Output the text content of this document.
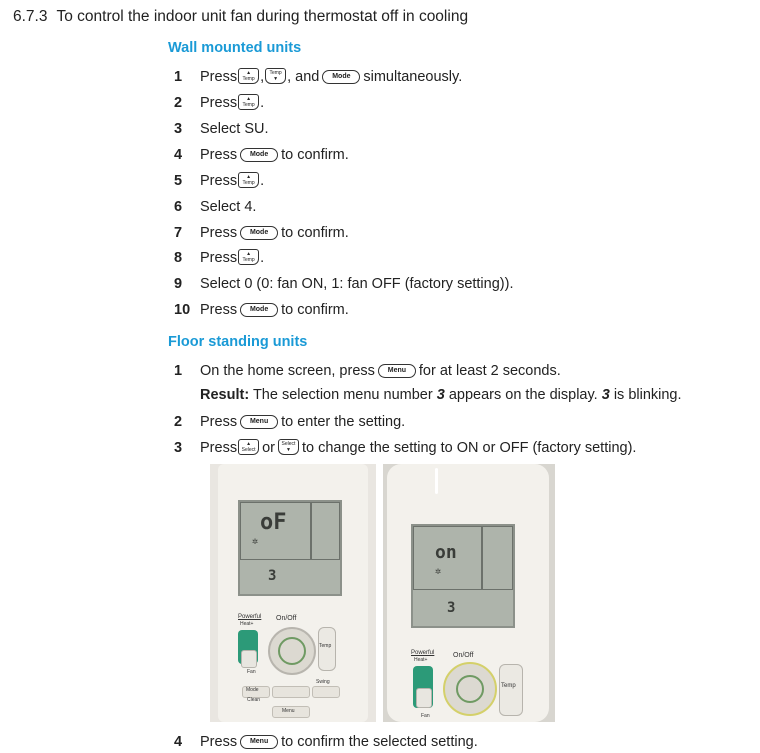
6.7.3 To control the indoor unit fan during thermostat off in cooling
Wall mounted units
1	Press	▲
Temp , Temp
▼ , and	Mode simultaneously.
2	Press	▲
Temp .
3	Select SU.
4	Press	Mode to confirm.
5	Press	▲
Temp .
6	Select 4.
7	Press	Mode to confirm.
8	Press	▲
Temp .
9	Select 0 (0: fan ON, 1: fan OFF (factory setting)).
10 Press	Mode to confirm.
Floor standing units
1	On the home screen, press	Menu for at least 2 seconds.
Result: The selection menu number 3 appears on the display. 3 is blinking.
2	Press	Menu to enter the setting.
3	Press	▲
Select or Select
▼ to change the setting to ON or OFF (factory setting).
oF
✲
3
Powerful
Heat+
On/Off
Fan
Temp
Mode
Clean
Swing
Menu
on
✲
3
Powerful
Heat+
On/Off
Fan
Temp
4	Press	Menu to confirm the selected setting.
